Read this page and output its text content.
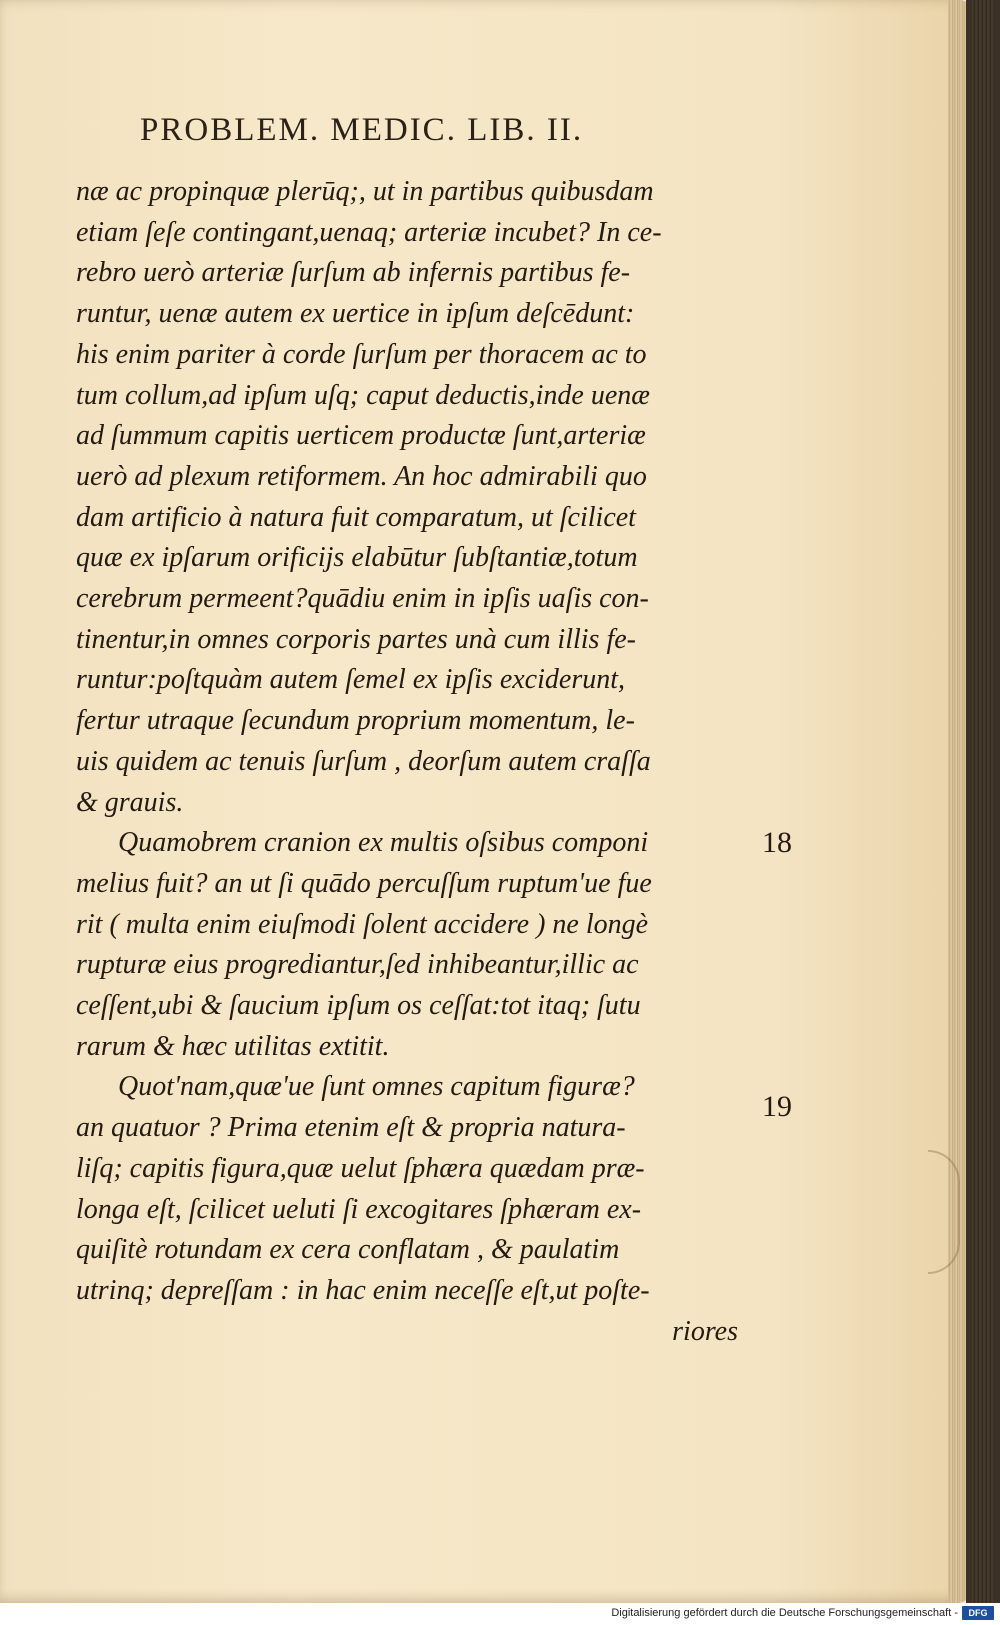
PROBLEM. MEDIC. LIB. II.
næ ac propinquæ plerūq;, ut in partibus quibusdam
etiam ſeſe contingant,uenaq; arteriæ incubet? In ce-
rebro uerò arteriæ ſurſum ab infernis partibus fe-
runtur, uenæ autem ex uertice in ipſum deſcēdunt:
his enim pariter à corde ſurſum per thoracem ac to
tum collum,ad ipſum uſq; caput deductis,inde uenæ
ad ſummum capitis uerticem productæ ſunt,arteriæ
uerò ad plexum retiformem. An hoc admirabili quo
dam artificio à natura fuit comparatum, ut ſcilicet
quæ ex ipſarum orificijs elabūtur ſubſtantiæ,totum
cerebrum permeent?quādiu enim in ipſis uaſis con-
tinentur,in omnes corporis partes unà cum illis fe-
runtur:poſtquàm autem ſemel ex ipſis exciderunt,
fertur utraque ſecundum proprium momentum, le-
uis quidem ac tenuis ſurſum , deorſum autem craſſa
& grauis.
Quamobrem cranion ex multis oſsibus componi
melius fuit? an ut ſi quādo percuſſum ruptum'ue fue
rit ( multa enim eiuſmodi ſolent accidere ) ne longè
rupturæ eius progrediantur,ſed inhibeantur,illic ac
ceſſent,ubi & ſaucium ipſum os ceſſat:tot itaq; ſutu
rarum & hæc utilitas extitit.
Quot'nam,quæ'ue ſunt omnes capitum figuræ?
an quatuor ? Prima etenim eſt & propria natura-
liſq; capitis figura,quæ uelut ſphæra quædam præ-
longa eſt, ſcilicet ueluti ſi excogitares ſphæram ex-
quiſitè rotundam ex cera conflatam , & paulatim
utrinq; depreſſam : in hac enim neceſſe eſt,ut poſte-
riores
18
19
Digitalisierung gefördert durch die Deutsche Forschungsgemeinschaft -	DFG
